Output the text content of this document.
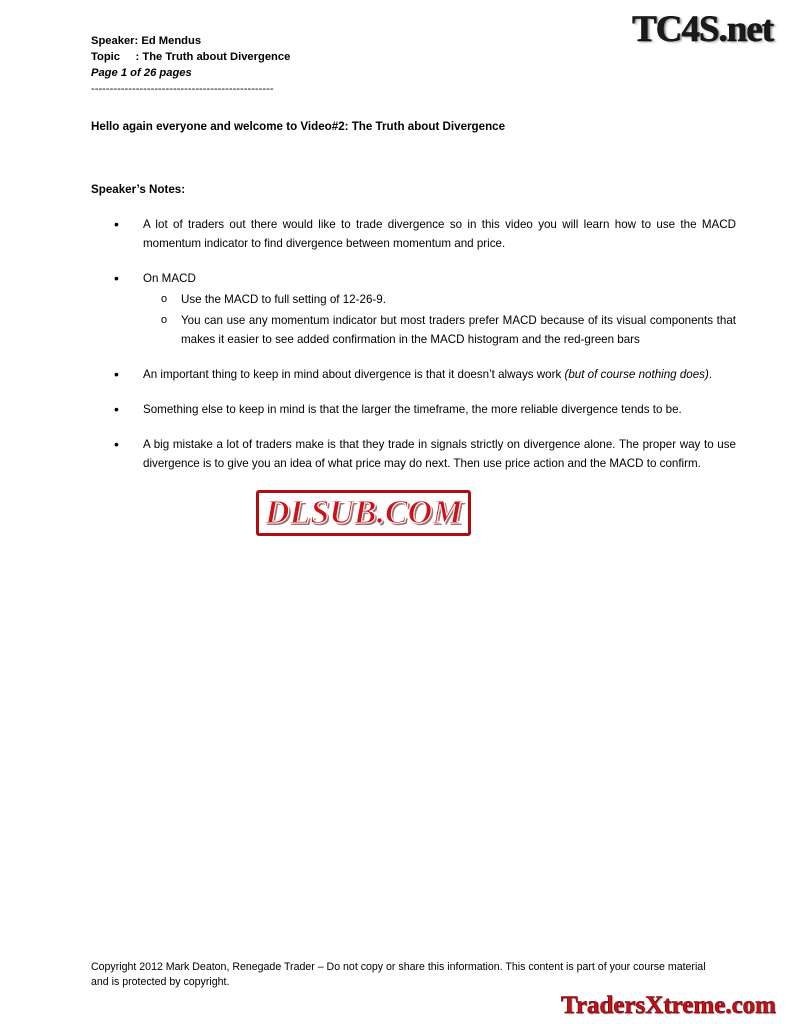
TC4S.net
Speaker: Ed Mendus
Topic     : The Truth about Divergence
Page 1 of 26 pages
-------------------------------------------------
Hello again everyone and welcome to Video#2: The Truth about Divergence
Speaker’s Notes:
• A lot of traders out there would like to trade divergence so in this video you will learn how to use the MACD momentum indicator to find divergence between momentum and price.
• On MACD
o Use the MACD to full setting of 12-26-9.
o You can use any momentum indicator but most traders prefer MACD because of its visual components that makes it easier to see added confirmation in the MACD histogram and the red-green bars
• An important thing to keep in mind about divergence is that it doesn’t always work (but of course nothing does).
• Something else to keep in mind is that the larger the timeframe, the more reliable divergence tends to be.
• A big mistake a lot of traders make is that they trade in signals strictly on divergence alone. The proper way to use divergence is to give you an idea of what price may do next. Then use price action and the MACD to confirm.
DLSUB.COM
Copyright 2012 Mark Deaton, Renegade Trader – Do not copy or share this information. This content is part of your course material
and is protected by copyright.
TradersXtreme.com
